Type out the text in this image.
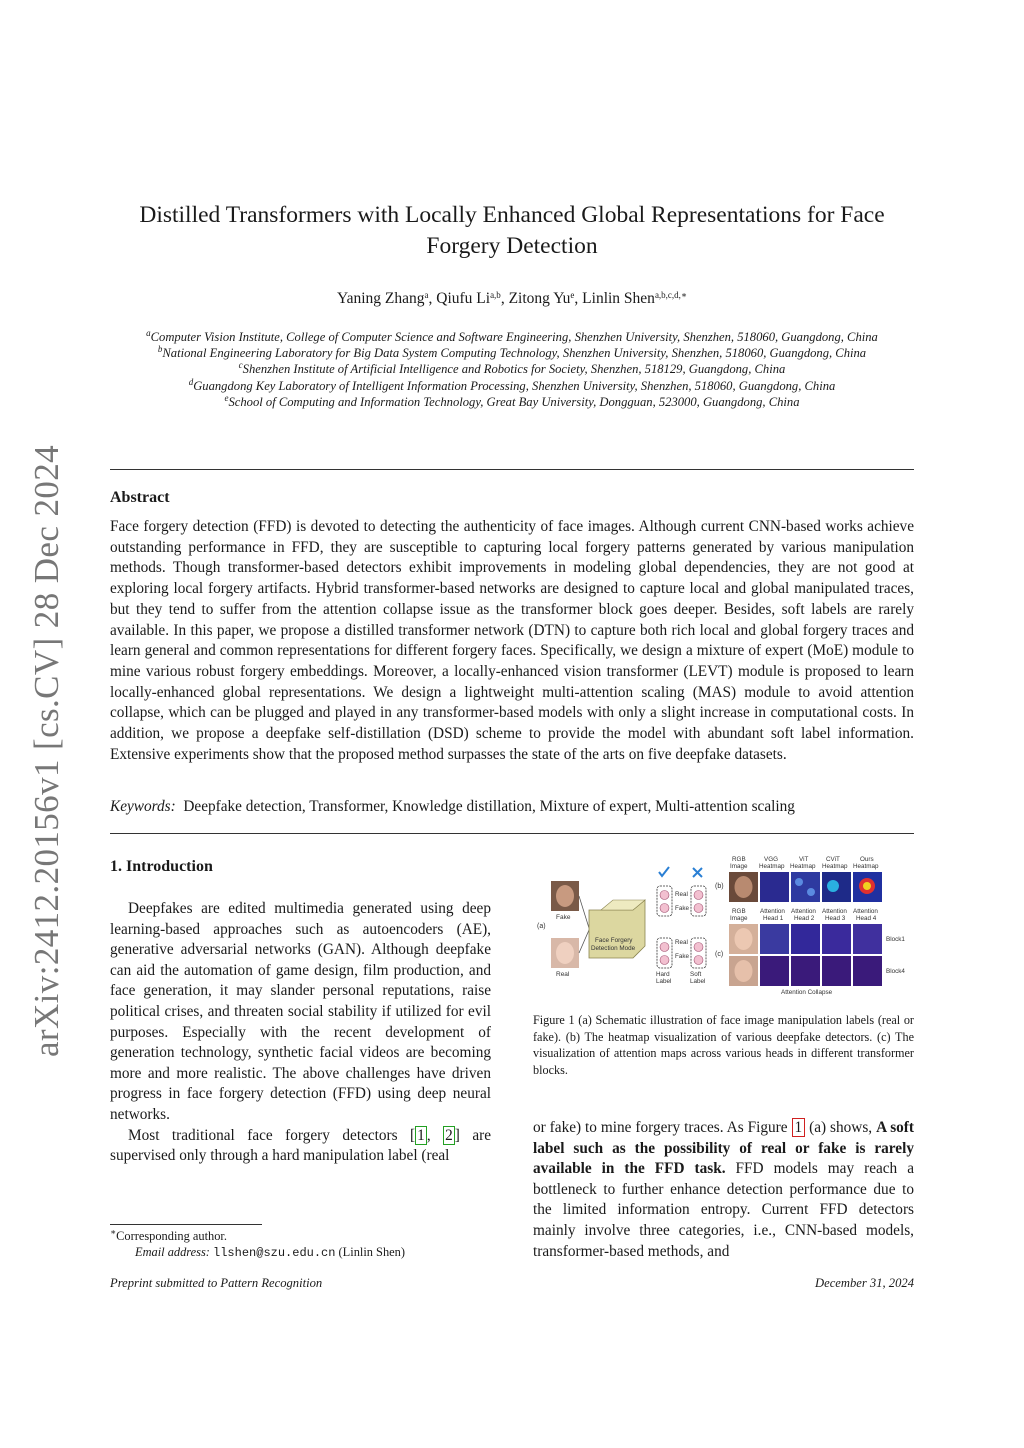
arXiv:2412.20156v1 [cs.CV] 28 Dec 2024
Distilled Transformers with Locally Enhanced Global Representations for Face Forgery Detection
Yaning Zhang$^a$, Qiufu Li$^{a,b}$, Zitong Yu$^e$, Linlin Shen$^{a,b,c,d,∗}$
$^a$Computer Vision Institute, College of Computer Science and Software Engineering, Shenzhen University, Shenzhen, 518060, Guangdong, China
$^b$National Engineering Laboratory for Big Data System Computing Technology, Shenzhen University, Shenzhen, 518060, Guangdong, China
$^c$Shenzhen Institute of Artificial Intelligence and Robotics for Society, Shenzhen, 518129, Guangdong, China
$^d$Guangdong Key Laboratory of Intelligent Information Processing, Shenzhen University, Shenzhen, 518060, Guangdong, China
$^e$School of Computing and Information Technology, Great Bay University, Dongguan, 523000, Guangdong, China
Abstract
Face forgery detection (FFD) is devoted to detecting the authenticity of face images. Although current CNN-based works achieve outstanding performance in FFD, they are susceptible to capturing local forgery patterns generated by various manipulation methods. Though transformer-based detectors exhibit improvements in modeling global dependencies, they are not good at exploring local forgery artifacts. Hybrid transformer-based networks are designed to capture local and global manipulated traces, but they tend to suffer from the attention collapse issue as the transformer block goes deeper. Besides, soft labels are rarely available. In this paper, we propose a distilled transformer network (DTN) to capture both rich local and global forgery traces and learn general and common representations for different forgery faces. Specifically, we design a mixture of expert (MoE) module to mine various robust forgery embeddings. Moreover, a locally-enhanced vision transformer (LEVT) module is proposed to learn locally-enhanced global representations. We design a lightweight multi-attention scaling (MAS) module to avoid attention collapse, which can be plugged and played in any transformer-based models with only a slight increase in computational costs. In addition, we propose a deepfake self-distillation (DSD) scheme to provide the model with abundant soft label information. Extensive experiments show that the proposed method surpasses the state of the arts on five deepfake datasets.
Keywords: Deepfake detection, Transformer, Knowledge distillation, Mixture of expert, Multi-attention scaling
1. Introduction
Deepfakes are edited multimedia generated using deep learning-based approaches such as autoencoders (AE), generative adversarial networks (GAN). Although deepfake can aid the automation of game design, film production, and face generation, it may slander personal reputations, raise political crises, and threaten social stability if utilized for evil purposes. Especially with the recent development of generation technology, synthetic facial videos are becoming more and more realistic. The above challenges have driven progress in face forgery detection (FFD) using deep neural networks.
Most traditional face forgery detectors [ 1 , 2 ] are supervised only through a hard manipulation label (real
(a)
Fake
Real
Face Forgery
Detection Mode
Real
Fake
Real
Fake
Hard
Label
Soft
Label
(b)
RGB
Image
VGG
Heatmap
ViT
Heatmap
CViT
Heatmap
Ours
Heatmap
(c)
RGB
Image
Attention
Head 1
Attention
Head 2
Attention
Head 3
Attention
Head 4
Block1
Block4
Attention Collapse
Figure 1 (a) Schematic illustration of face image manipulation labels (real or fake). (b) The heatmap visualization of various deepfake detectors. (c) The visualization of attention maps across various heads in different transformer blocks.
or fake) to mine forgery traces. As Figure 1 (a) shows, A soft label such as the possibility of real or fake is rarely available in the FFD task. FFD models may reach a bottleneck to further enhance detection performance due to the limited information entropy. Current FFD detectors mainly involve three categories, i.e., CNN-based models, transformer-based methods, and
∗Corresponding author.
Email address: llshen@szu.edu.cn (Linlin Shen)
Preprint submitted to Pattern Recognition	December 31, 2024
